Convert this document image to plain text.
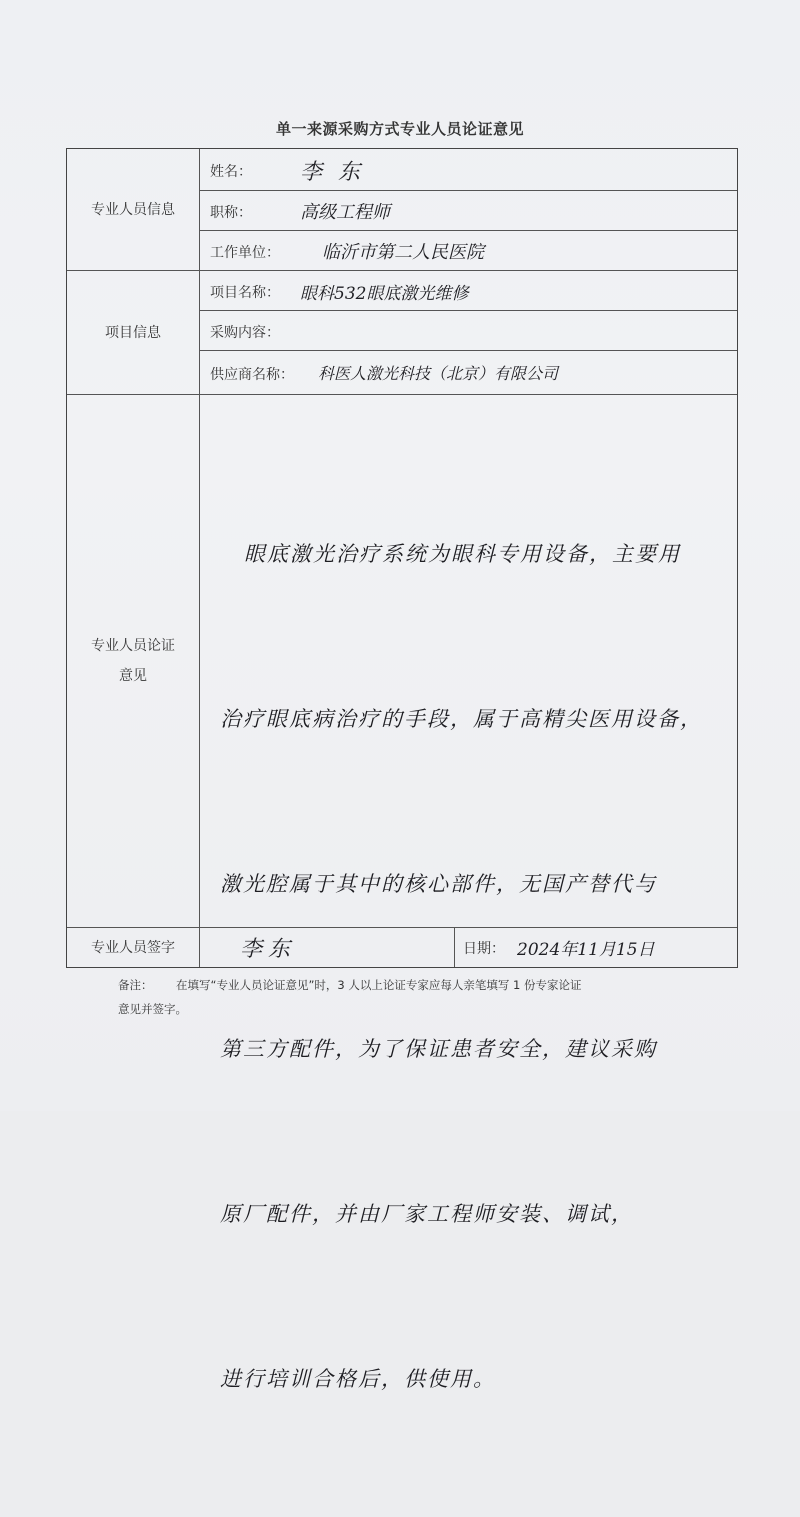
单一来源采购方式专业人员论证意见
专业人员信息
姓名： 李东
职称：	高级工程师
工作单位： 临沂市第二人民医院
项目信息
项目名称： 眼科532眼底激光维修
采购内容：
供应商名称： 科医人激光科技（北京）有限公司
专业人员论证
意见

眼底激光治疗系统为眼科专用设备，主要用

治疗眼底病治疗的手段，属于高精尖医用设备，

激光腔属于其中的核心部件，无国产替代与

第三方配件，为了保证患者安全，建议采购

原厂配件，并由厂家工程师安装、调试，

进行培训合格后，供使用。

专业人员签字	李东	日期： 2024年11月15日
备注： 在填写“专业人员论证意见”时，3 人以上论证专家应每人亲笔填写 1 份专家论证
意见并签字。
